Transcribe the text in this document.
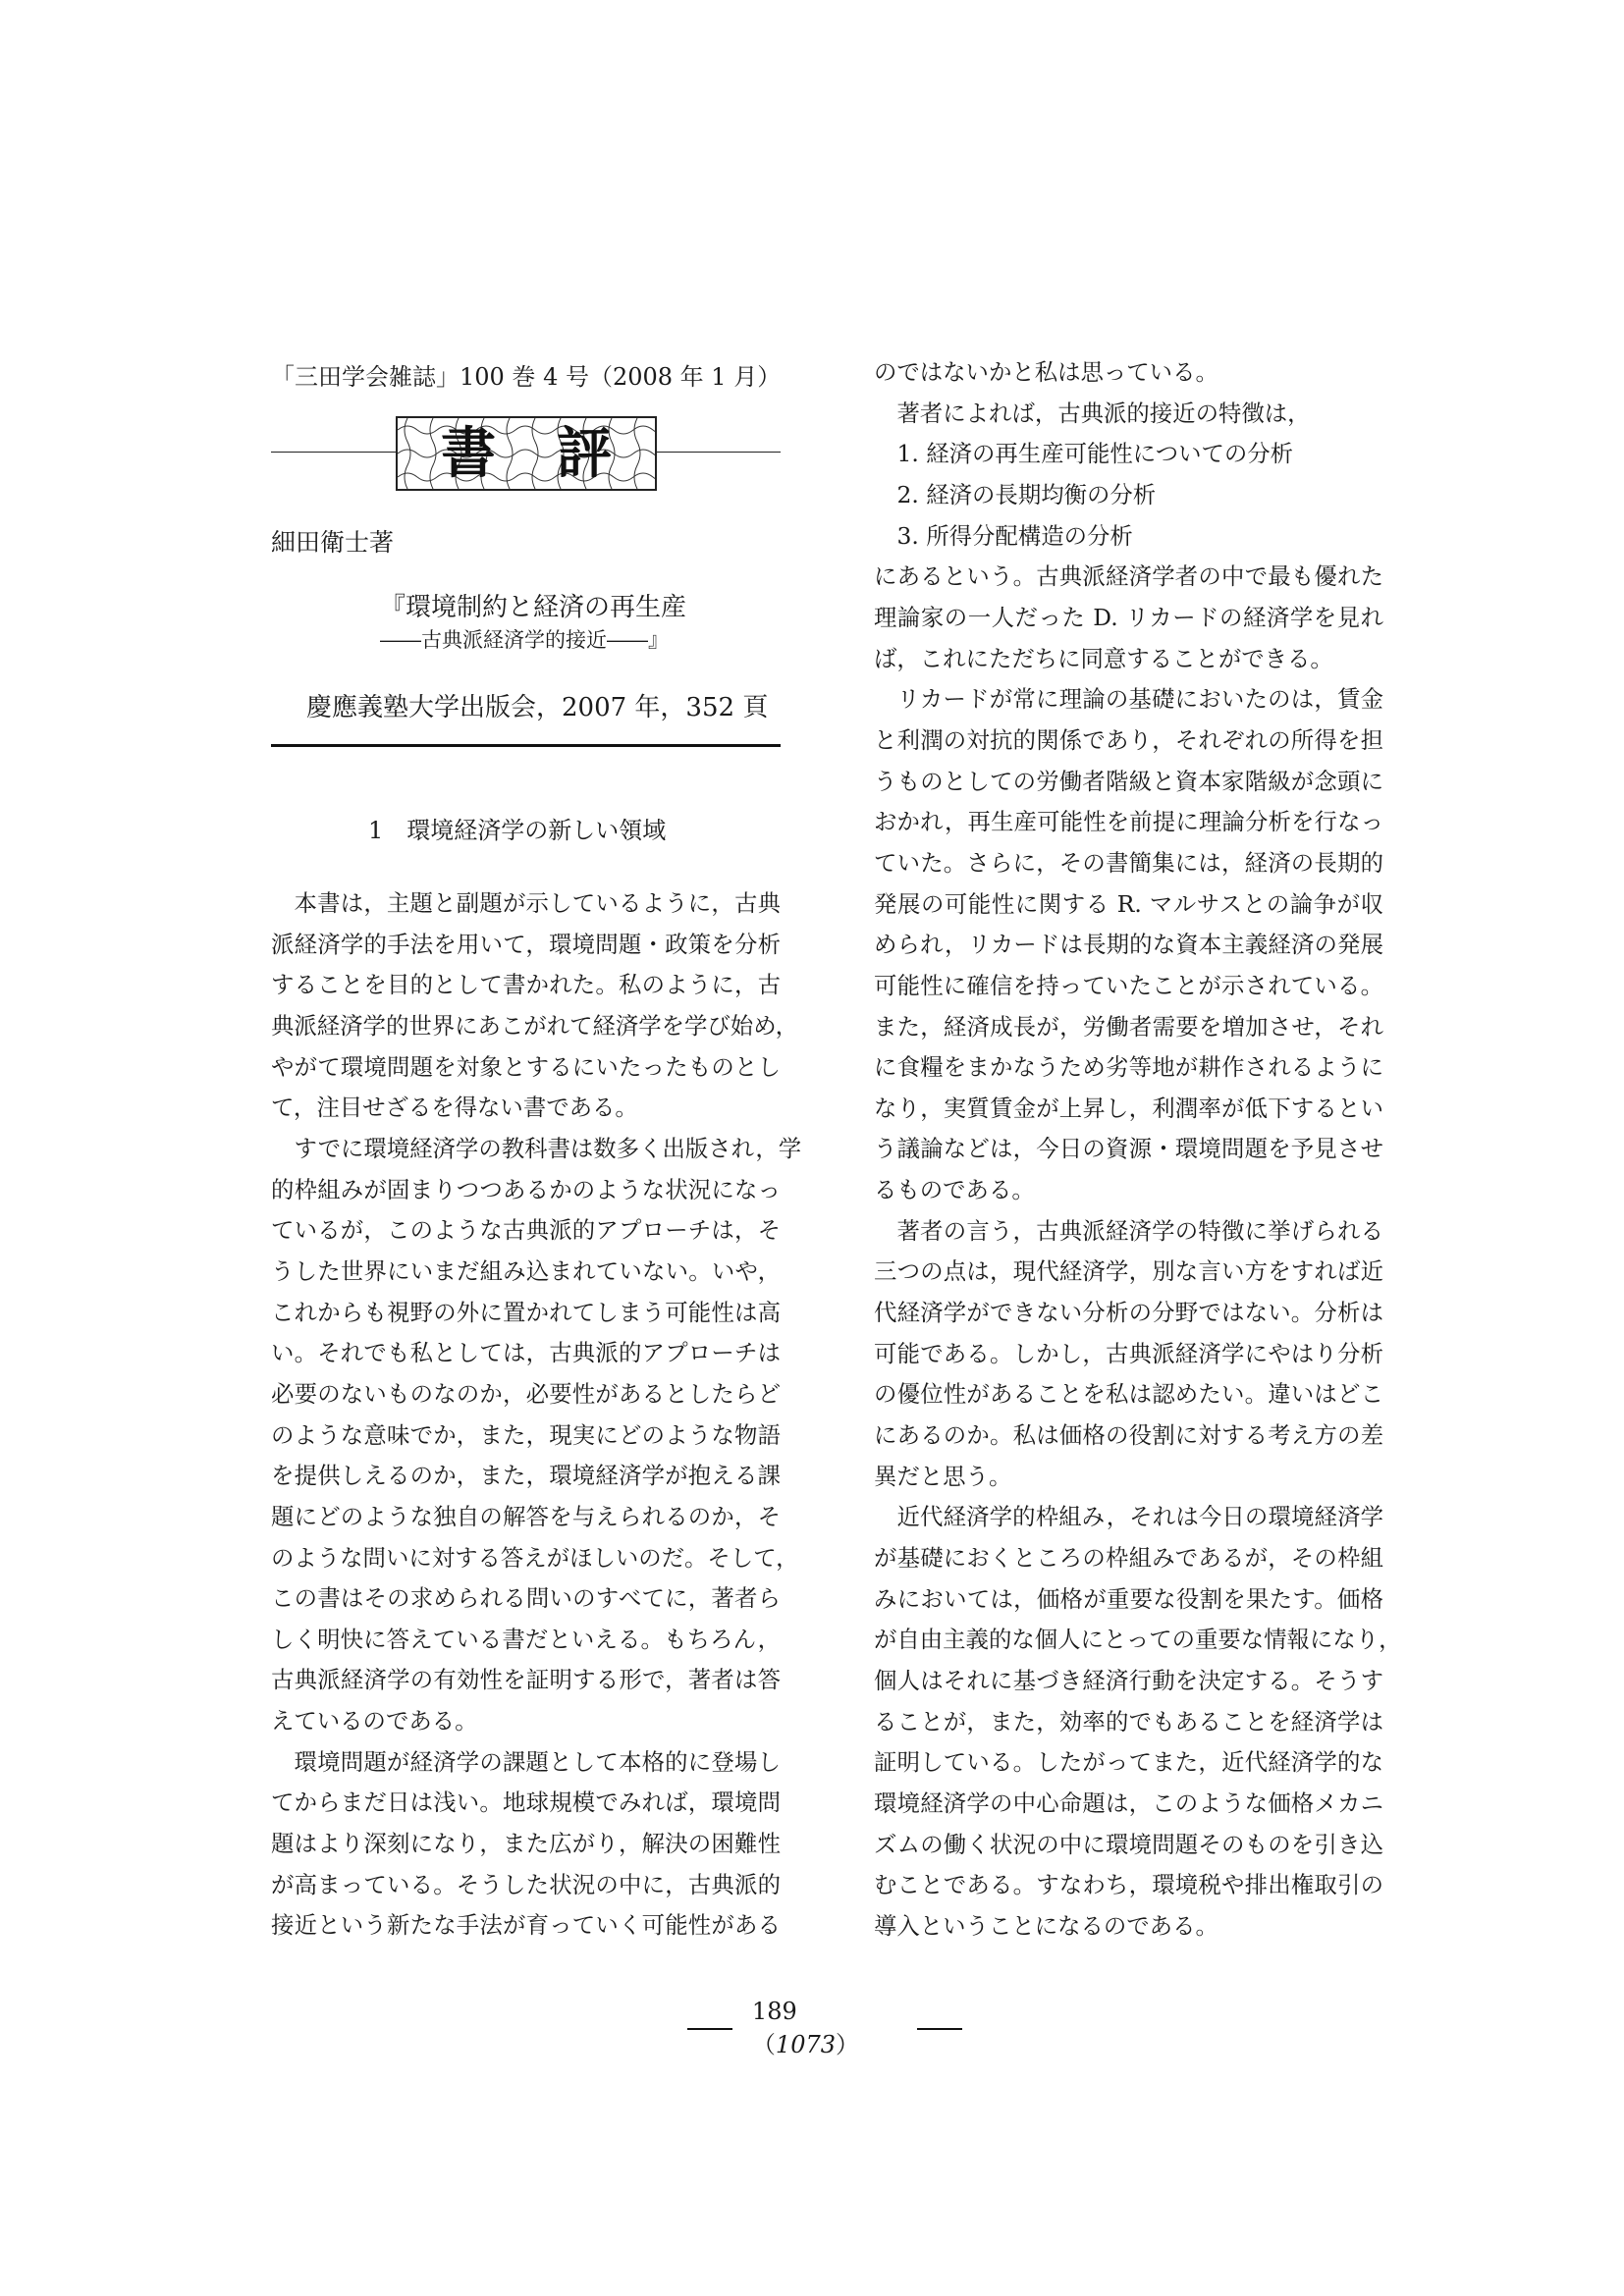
「三田学会雑誌」100 巻 4 号（2008 年 1 月）
書 評
細田衛士著
『環境制約と経済の再生産
――古典派経済学的接近――』
慶應義塾大学出版会，2007 年，352 頁
1　環境経済学の新しい領域
本書は，主題と副題が示しているように，古典
派経済学的手法を用いて，環境問題・政策を分析
することを目的として書かれた。私のように，古
典派経済学的世界にあこがれて経済学を学び始め，
やがて環境問題を対象とするにいたったものとし
て，注目せざるを得ない書である。
すでに環境経済学の教科書は数多く出版され，学
的枠組みが固まりつつあるかのような状況になっ
ているが，このような古典派的アプローチは，そ
うした世界にいまだ組み込まれていない。いや，
これからも視野の外に置かれてしまう可能性は高
い。それでも私としては，古典派的アプローチは
必要のないものなのか，必要性があるとしたらど
のような意味でか，また，現実にどのような物語
を提供しえるのか，また，環境経済学が抱える課
題にどのような独自の解答を与えられるのか，そ
のような問いに対する答えがほしいのだ。そして，
この書はその求められる問いのすべてに，著者ら
しく明快に答えている書だといえる。もちろん，
古典派経済学の有効性を証明する形で，著者は答
えているのである。
環境問題が経済学の課題として本格的に登場し
てからまだ日は浅い。地球規模でみれば，環境問
題はより深刻になり，また広がり，解決の困難性
が高まっている。そうした状況の中に，古典派的
接近という新たな手法が育っていく可能性がある
のではないかと私は思っている。
著者によれば，古典派的接近の特徴は，
1. 経済の再生産可能性についての分析
2. 経済の長期均衡の分析
3. 所得分配構造の分析
にあるという。古典派経済学者の中で最も優れた
理論家の一人だった D. リカードの経済学を見れ
ば，これにただちに同意することができる。
リカードが常に理論の基礎においたのは，賃金
と利潤の対抗的関係であり，それぞれの所得を担
うものとしての労働者階級と資本家階級が念頭に
おかれ，再生産可能性を前提に理論分析を行なっ
ていた。さらに，その書簡集には，経済の長期的
発展の可能性に関する R. マルサスとの論争が収
められ，リカードは長期的な資本主義経済の発展
可能性に確信を持っていたことが示されている。
また，経済成長が，労働者需要を増加させ，それ
に食糧をまかなうため劣等地が耕作されるように
なり，実質賃金が上昇し，利潤率が低下するとい
う議論などは，今日の資源・環境問題を予見させ
るものである。
著者の言う，古典派経済学の特徴に挙げられる
三つの点は，現代経済学，別な言い方をすれば近
代経済学ができない分析の分野ではない。分析は
可能である。しかし，古典派経済学にやはり分析
の優位性があることを私は認めたい。違いはどこ
にあるのか。私は価格の役割に対する考え方の差
異だと思う。
近代経済学的枠組み，それは今日の環境経済学
が基礎におくところの枠組みであるが，その枠組
みにおいては，価格が重要な役割を果たす。価格
が自由主義的な個人にとっての重要な情報になり，
個人はそれに基づき経済行動を決定する。そうす
ることが，また，効率的でもあることを経済学は
証明している。したがってまた，近代経済学的な
環境経済学の中心命題は，このような価格メカニ
ズムの働く状況の中に環境問題そのものを引き込
むことである。すなわち，環境税や排出権取引の
導入ということになるのである。
189（1073）
